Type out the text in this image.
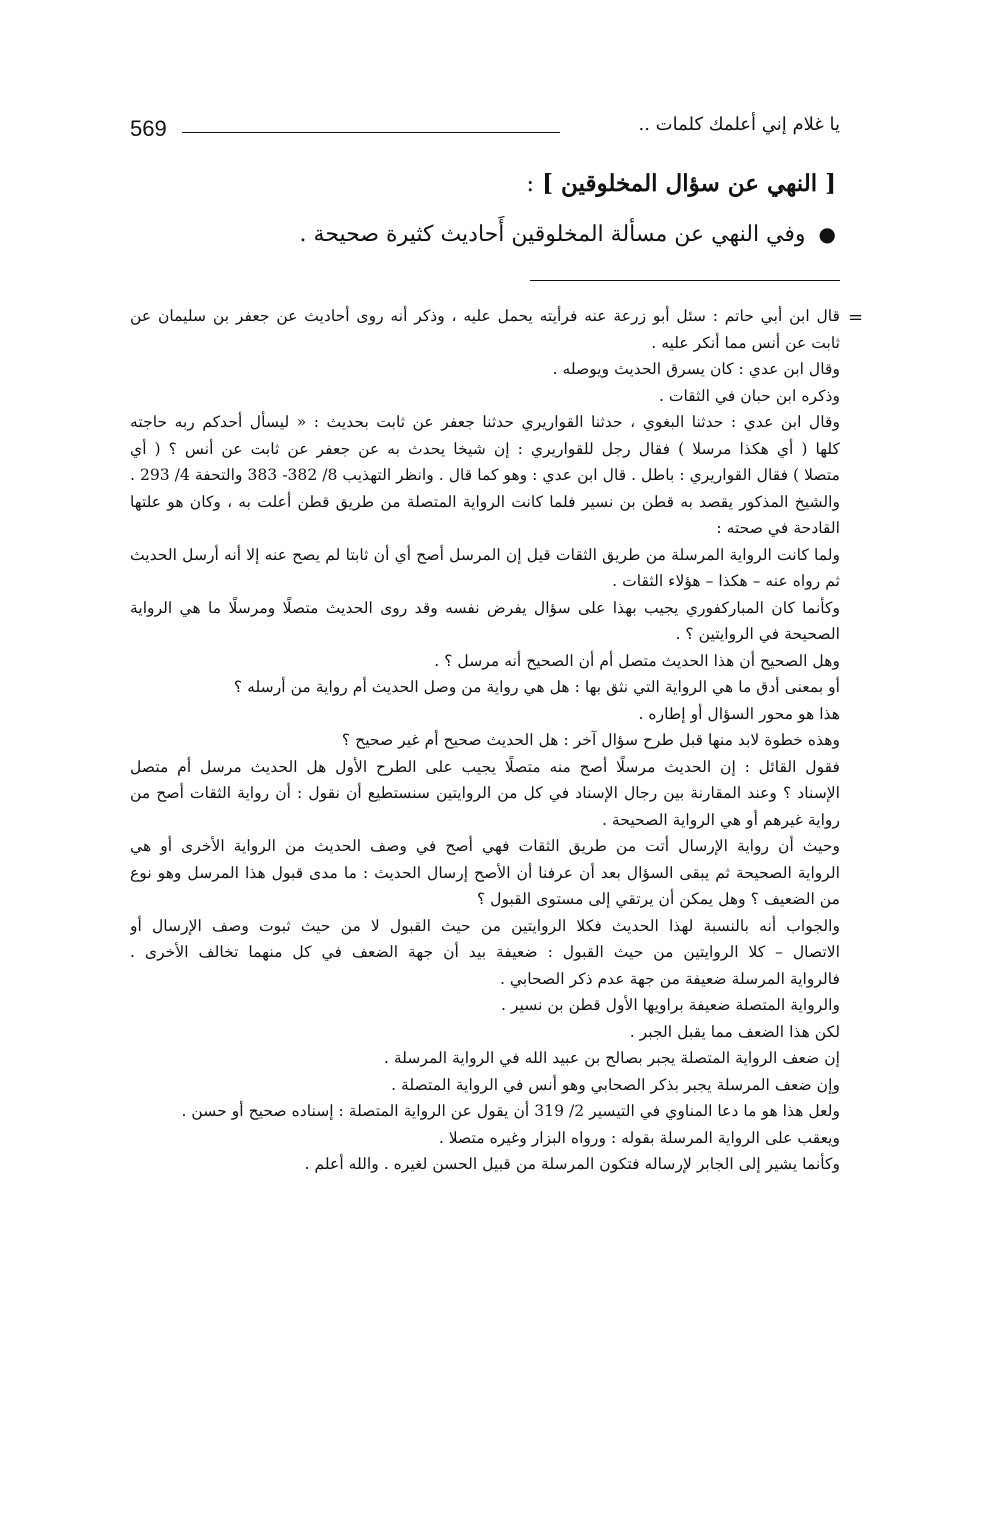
569	يا غلام إني أعلمك كلمات ..
[ النهي عن سؤال المخلوقين ] :
● وفي النهي عن مسألة المخلوقين أَحاديث كثيرة صحيحة .
=
قال ابن أبي حاتم : سئل أبو زرعة عنه فرأيته يحمل عليه ، وذكر أنه روى أحاديث عن جعفر بن سليمان عن
ثابت عن أنس مما أنكر عليه .
وقال ابن عدي : كان يسرق الحديث ويوصله .
وذكره ابن حبان في الثقات .
وقال ابن عدي : حدثنا البغوي ، حدثنا القواريري حدثنا جعفر عن ثابت بحديث : « ليسأل أحدكم ربه حاجته
كلها ( أي هكذا مرسلا ) فقال رجل للقواريري : إن شيخا يحدث به عن جعفر عن ثابت عن أنس ؟ ( أي
متصلا ) فقال القواريري : باطل . قال ابن عدي : وهو كما قال . وانظر التهذيب 8/ 382- 383 والتحفة 4/ 293 .
والشيخ المذكور يقصد به قطن بن نسير فلما كانت الرواية المتصلة من طريق قطن أعلت به ، وكان هو علتها
القادحة في صحته :
ولما كانت الرواية المرسلة من طريق الثقات قيل إن المرسل أصح أي أن ثابتا لم يصح عنه إلا أنه أرسل الحديث
ثم رواه عنه – هكذا – هؤلاء الثقات .
وكأنما كان المباركفوري يجيب بهذا على سؤال يفرض نفسه وقد روى الحديث متصلًا ومرسلًا ما هي الرواية
الصحيحة في الروايتين ؟ .
وهل الصحيح أن هذا الحديث متصل أم أن الصحيح أنه مرسل ؟ .
أو بمعنى أدق ما هي الرواية التي نثق بها : هل هي رواية من وصل الحديث أم رواية من أرسله ؟
هذا هو محور السؤال أو إطاره .
وهذه خطوة لابد منها قبل طرح سؤال آخر : هل الحديث صحيح أم غير صحيح ؟
فقول القائل : إن الحديث مرسلًا أصح منه متصلًا يجيب على الطرح الأول هل الحديث مرسل أم متصل
الإسناد ؟ وعند المقارنة بين رجال الإسناد في كل من الروايتين سنستطيع أن نقول : أن رواية الثقات أصح من
رواية غيرهم أو هي الرواية الصحيحة .
وحيث أن رواية الإرسال أتت من طريق الثقات فهي أصح في وصف الحديث من الرواية الأخرى أو هي
الرواية الصحيحة ثم يبقى السؤال بعد أن عرفنا أن الأصح إرسال الحديث : ما مدى قبول هذا المرسل وهو نوع
من الضعيف ؟ وهل يمكن أن يرتقي إلى مستوى القبول ؟
والجواب أنه بالنسبة لهذا الحديث فكلا الروايتين من حيث القبول لا من حيث ثبوت وصف الإرسال أو
الاتصال – كلا الروايتين من حيث القبول : ضعيفة بيد أن جهة الضعف في كل منهما تخالف الأخرى .
فالرواية المرسلة ضعيفة من جهة عدم ذكر الصحابي .
والرواية المتصلة ضعيفة براويها الأول قطن بن نسير .
لكن هذا الضعف مما يقبل الجبر .
إن ضعف الرواية المتصلة يجبر بصالح بن عبيد الله في الرواية المرسلة .
وإن ضعف المرسلة يجبر بذكر الصحابي وهو أنس في الرواية المتصلة .
ولعل هذا هو ما دعا المناوي في التيسير 2/ 319 أن يقول عن الرواية المتصلة : إسناده صحيح أو حسن .
ويعقب على الرواية المرسلة بقوله : ورواه البزار وغيره متصلا .
وكأنما يشير إلى الجابر لإرساله فتكون المرسلة من قبيل الحسن لغيره . والله أعلم .
